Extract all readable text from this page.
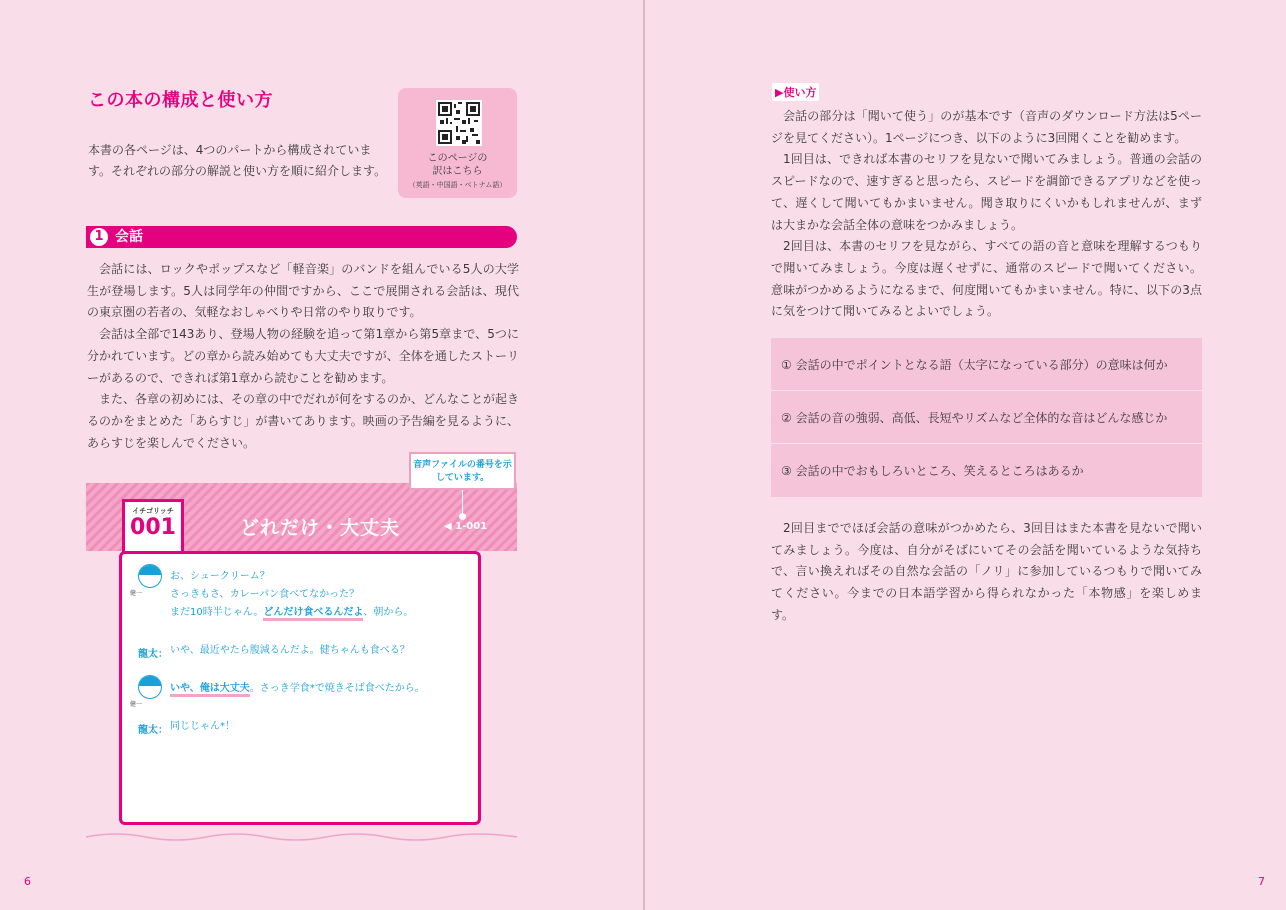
この本の構成と使い方
本書の各ページは、4つのパートから構成されています。それぞれの部分の解説と使い方を順に紹介します。
このページの
訳はこちら
（英語・中国語・ベトナム語）
1 会話

会話には、ロックやポップスなど「軽音楽」のバンドを組んでいる5人の大学生が登場します。5人は同学年の仲間ですから、ここで展開される会話は、現代の東京圏の若者の、気軽なおしゃべりや日常のやり取りです。

会話は全部で143あり、登場人物の経験を追って第1章から第5章まで、5つに分かれています。どの章から読み始めても大丈夫ですが、全体を通したストーリーがあるので、できれば第1章から読むことを勧めます。

また、各章の初めには、その章の中でだれが何をするのか、どんなことが起きるのかをまとめた「あらすじ」が書いてあります。映画の予告編を見るように、あらすじを楽しんでください。

イチゴリッチ
001	どれだけ・大丈夫	◀ 1-001
健一
お、シュークリーム？
さっきもさ、カレーパン食べてなかった？
まだ10時半じゃん。どんだけ食べるんだよ、朝から。
龍太： いや、最近やたら腹減るんだよ。健ちゃんも食べる？
健一
いや、俺は大丈夫。さっき学食*で焼きそば食べたから。
龍太： 同じじゃん*！
音声ファイルの番号を示しています。
6
▶使い方

会話の部分は「聞いて使う」のが基本です（音声のダウンロード方法は5ページを見てください）。1ページにつき、以下のように3回聞くことを勧めます。

1回目は、できれば本書のセリフを見ないで聞いてみましょう。普通の会話のスピードなので、速すぎると思ったら、スピードを調節できるアプリなどを使って、遅くして聞いてもかまいません。聞き取りにくいかもしれませんが、まずは大まかな会話全体の意味をつかみましょう。

2回目は、本書のセリフを見ながら、すべての語の音と意味を理解するつもりで聞いてみましょう。今度は遅くせずに、通常のスピードで聞いてください。意味がつかめるようになるまで、何度聞いてもかまいません。特に、以下の3点に気をつけて聞いてみるとよいでしょう。

① 会話の中でポイントとなる語（太字になっている部分）の意味は何か
② 会話の音の強弱、高低、長短やリズムなど全体的な音はどんな感じか
③ 会話の中でおもしろいところ、笑えるところはあるか

2回目まででほぼ会話の意味がつかめたら、3回目はまた本書を見ないで聞いてみましょう。今度は、自分がそばにいてその会話を聞いているような気持ちで、言い換えればその自然な会話の「ノリ」に参加しているつもりで聞いてみてください。今までの日本語学習から得られなかった「本物感」を楽しめます。

7
